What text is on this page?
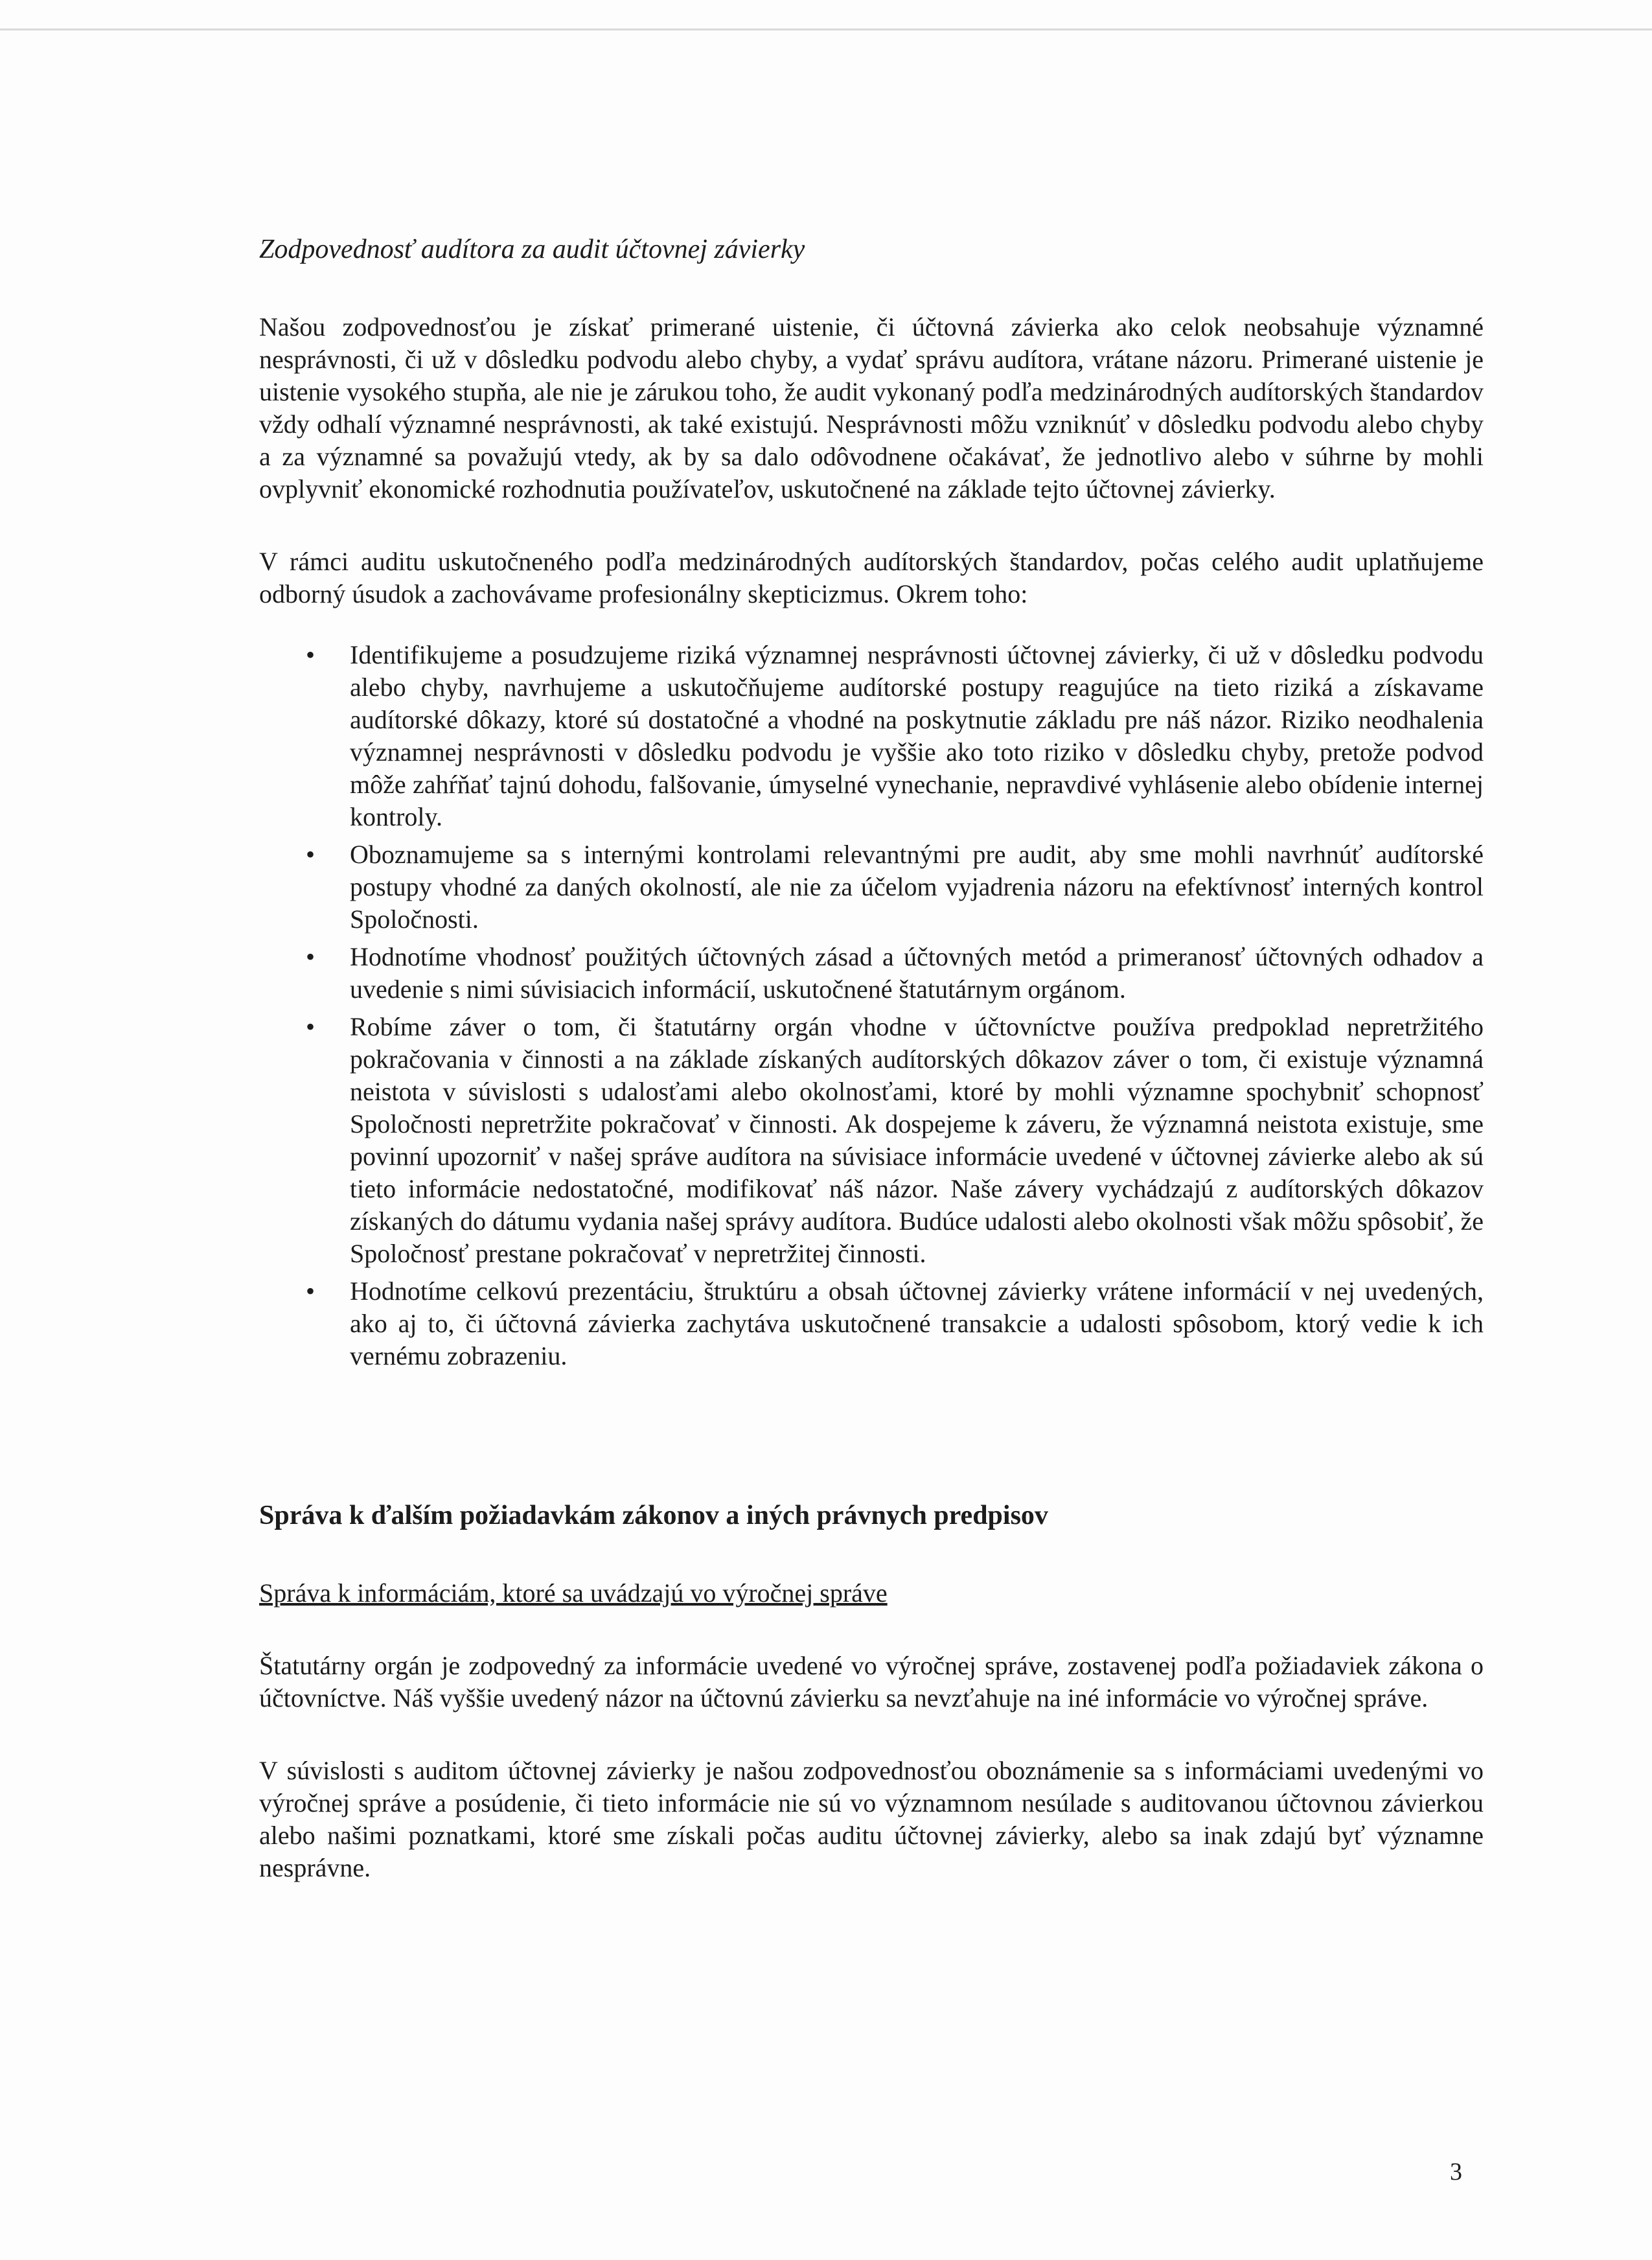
Zodpovednosť audítora za audit účtovnej závierky

Našou zodpovednosťou je získať primerané uistenie, či účtovná závierka ako celok neobsahuje významné nesprávnosti, či už v dôsledku podvodu alebo chyby, a vydať správu audítora, vrátane názoru. Primerané uistenie je uistenie vysokého stupňa, ale nie je zárukou toho, že audit vykonaný podľa medzinárodných audítorských štandardov vždy odhalí významné nesprávnosti, ak také existujú. Nesprávnosti môžu vzniknúť v dôsledku podvodu alebo chyby a za významné sa považujú vtedy, ak by sa dalo odôvodnene očakávať, že jednotlivo alebo v súhrne by mohli ovplyvniť ekonomické rozhodnutia používateľov, uskutočnené na základe tejto účtovnej závierky.

V rámci auditu uskutočneného podľa medzinárodných audítorských štandardov, počas celého audit uplatňujeme odborný úsudok a zachovávame profesionálny skepticizmus. Okrem toho:

• Identifikujeme a posudzujeme riziká významnej nesprávnosti účtovnej závierky, či už v dôsledku podvodu alebo chyby, navrhujeme a uskutočňujeme audítorské postupy reagujúce na tieto riziká a získavame audítorské dôkazy, ktoré sú dostatočné a vhodné na poskytnutie základu pre náš názor. Riziko neodhalenia významnej nesprávnosti v dôsledku podvodu je vyššie ako toto riziko v dôsledku chyby, pretože podvod môže zahŕňať tajnú dohodu, falšovanie, úmyselné vynechanie, nepravdivé vyhlásenie alebo obídenie internej kontroly.
• Oboznamujeme sa s internými kontrolami relevantnými pre audit, aby sme mohli navrhnúť audítorské postupy vhodné za daných okolností, ale nie za účelom vyjadrenia názoru na efektívnosť interných kontrol Spoločnosti.
• Hodnotíme vhodnosť použitých účtovných zásad a účtovných metód a primeranosť účtovných odhadov a uvedenie s nimi súvisiacich informácií, uskutočnené štatutárnym orgánom.
• Robíme záver o tom, či štatutárny orgán vhodne v účtovníctve používa predpoklad nepretržitého pokračovania v činnosti a na základe získaných audítorských dôkazov záver o tom, či existuje významná neistota v súvislosti s udalosťami alebo okolnosťami, ktoré by mohli významne spochybniť schopnosť Spoločnosti nepretržite pokračovať v činnosti. Ak dospejeme k záveru, že významná neistota existuje, sme povinní upozorniť v našej správe audítora na súvisiace informácie uvedené v účtovnej závierke alebo ak sú tieto informácie nedostatočné, modifikovať náš názor. Naše závery vychádzajú z audítorských dôkazov získaných do dátumu vydania našej správy audítora. Budúce udalosti alebo okolnosti však môžu spôsobiť, že Spoločnosť prestane pokračovať v nepretržitej činnosti.
• Hodnotíme celkovú prezentáciu, štruktúru a obsah účtovnej závierky vrátene informácií v nej uvedených, ako aj to, či účtovná závierka zachytáva uskutočnené transakcie a udalosti spôsobom, ktorý vedie k ich vernému zobrazeniu.
Správa k ďalším požiadavkám zákonov a iných právnych predpisov
Správa k informáciám, ktoré sa uvádzajú vo výročnej správe

Štatutárny orgán je zodpovedný za informácie uvedené vo výročnej správe, zostavenej podľa požiadaviek zákona o účtovníctve. Náš vyššie uvedený názor na účtovnú závierku sa nevzťahuje na iné informácie vo výročnej správe.

V súvislosti s auditom účtovnej závierky je našou zodpovednosťou oboznámenie sa s informáciami uvedenými vo výročnej správe a posúdenie, či tieto informácie nie sú vo významnom nesúlade s auditovanou účtovnou závierkou alebo našimi poznatkami, ktoré sme získali počas auditu účtovnej závierky, alebo sa inak zdajú byť významne nesprávne.

3
